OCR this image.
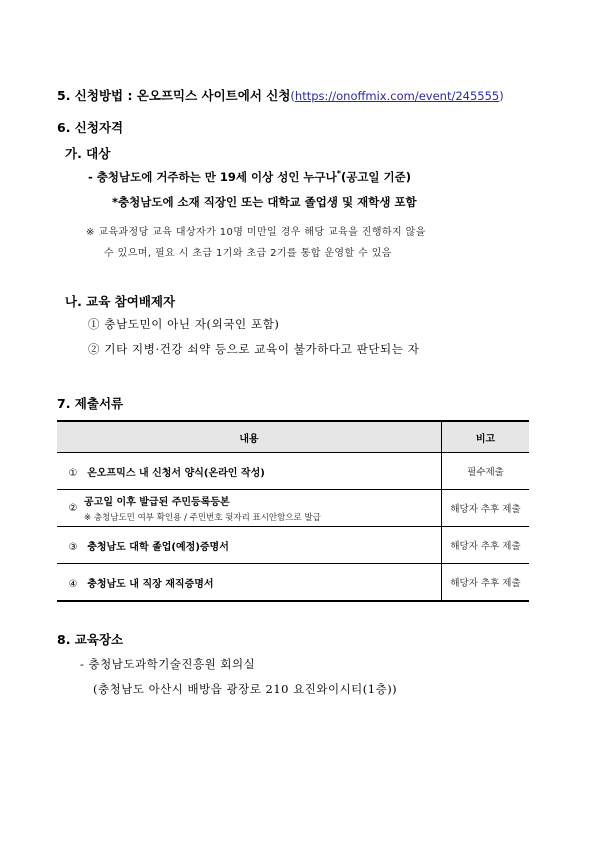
5. 신청방법 : 온오프믹스 사이트에서 신청(https://onoffmix.com/event/245555)
6. 신청자격
가. 대상
- 충청남도에 거주하는 만 19세 이상 성인 누구나*(공고일 기준)
*충청남도에 소재 직장인 또는 대학교 졸업생 및 재학생 포함
※ 교육과정당 교육 대상자가 10명 미만일 경우 해당 교육을 진행하지 않을
수 있으며, 필요 시 초급 1기와 초급 2기를 통합 운영할 수 있음
나. 교육 참여배제자
① 충남도민이 아닌 자(외국인 포함)
② 기타 지병·건강 쇠약 등으로 교육이 불가하다고 판단되는 자
7. 제출서류
내용	비고
① 온오프믹스 내 신청서 양식(온라인 작성)	필수제출

② 공고일 이후 발급된 주민등록등본
※ 충청남도민 여부 확인용 / 주민번호 뒷자리 표시안함으로 발급	해당자 추후 제출
③ 충청남도 대학 졸업(예정)증명서	해당자 추후 제출
④ 충청남도 내 직장 재직증명서	해당자 추후 제출
8. 교육장소
- 충청남도과학기술진흥원 회의실
(충청남도 아산시 배방읍 광장로 210 요진와이시티(1층))
